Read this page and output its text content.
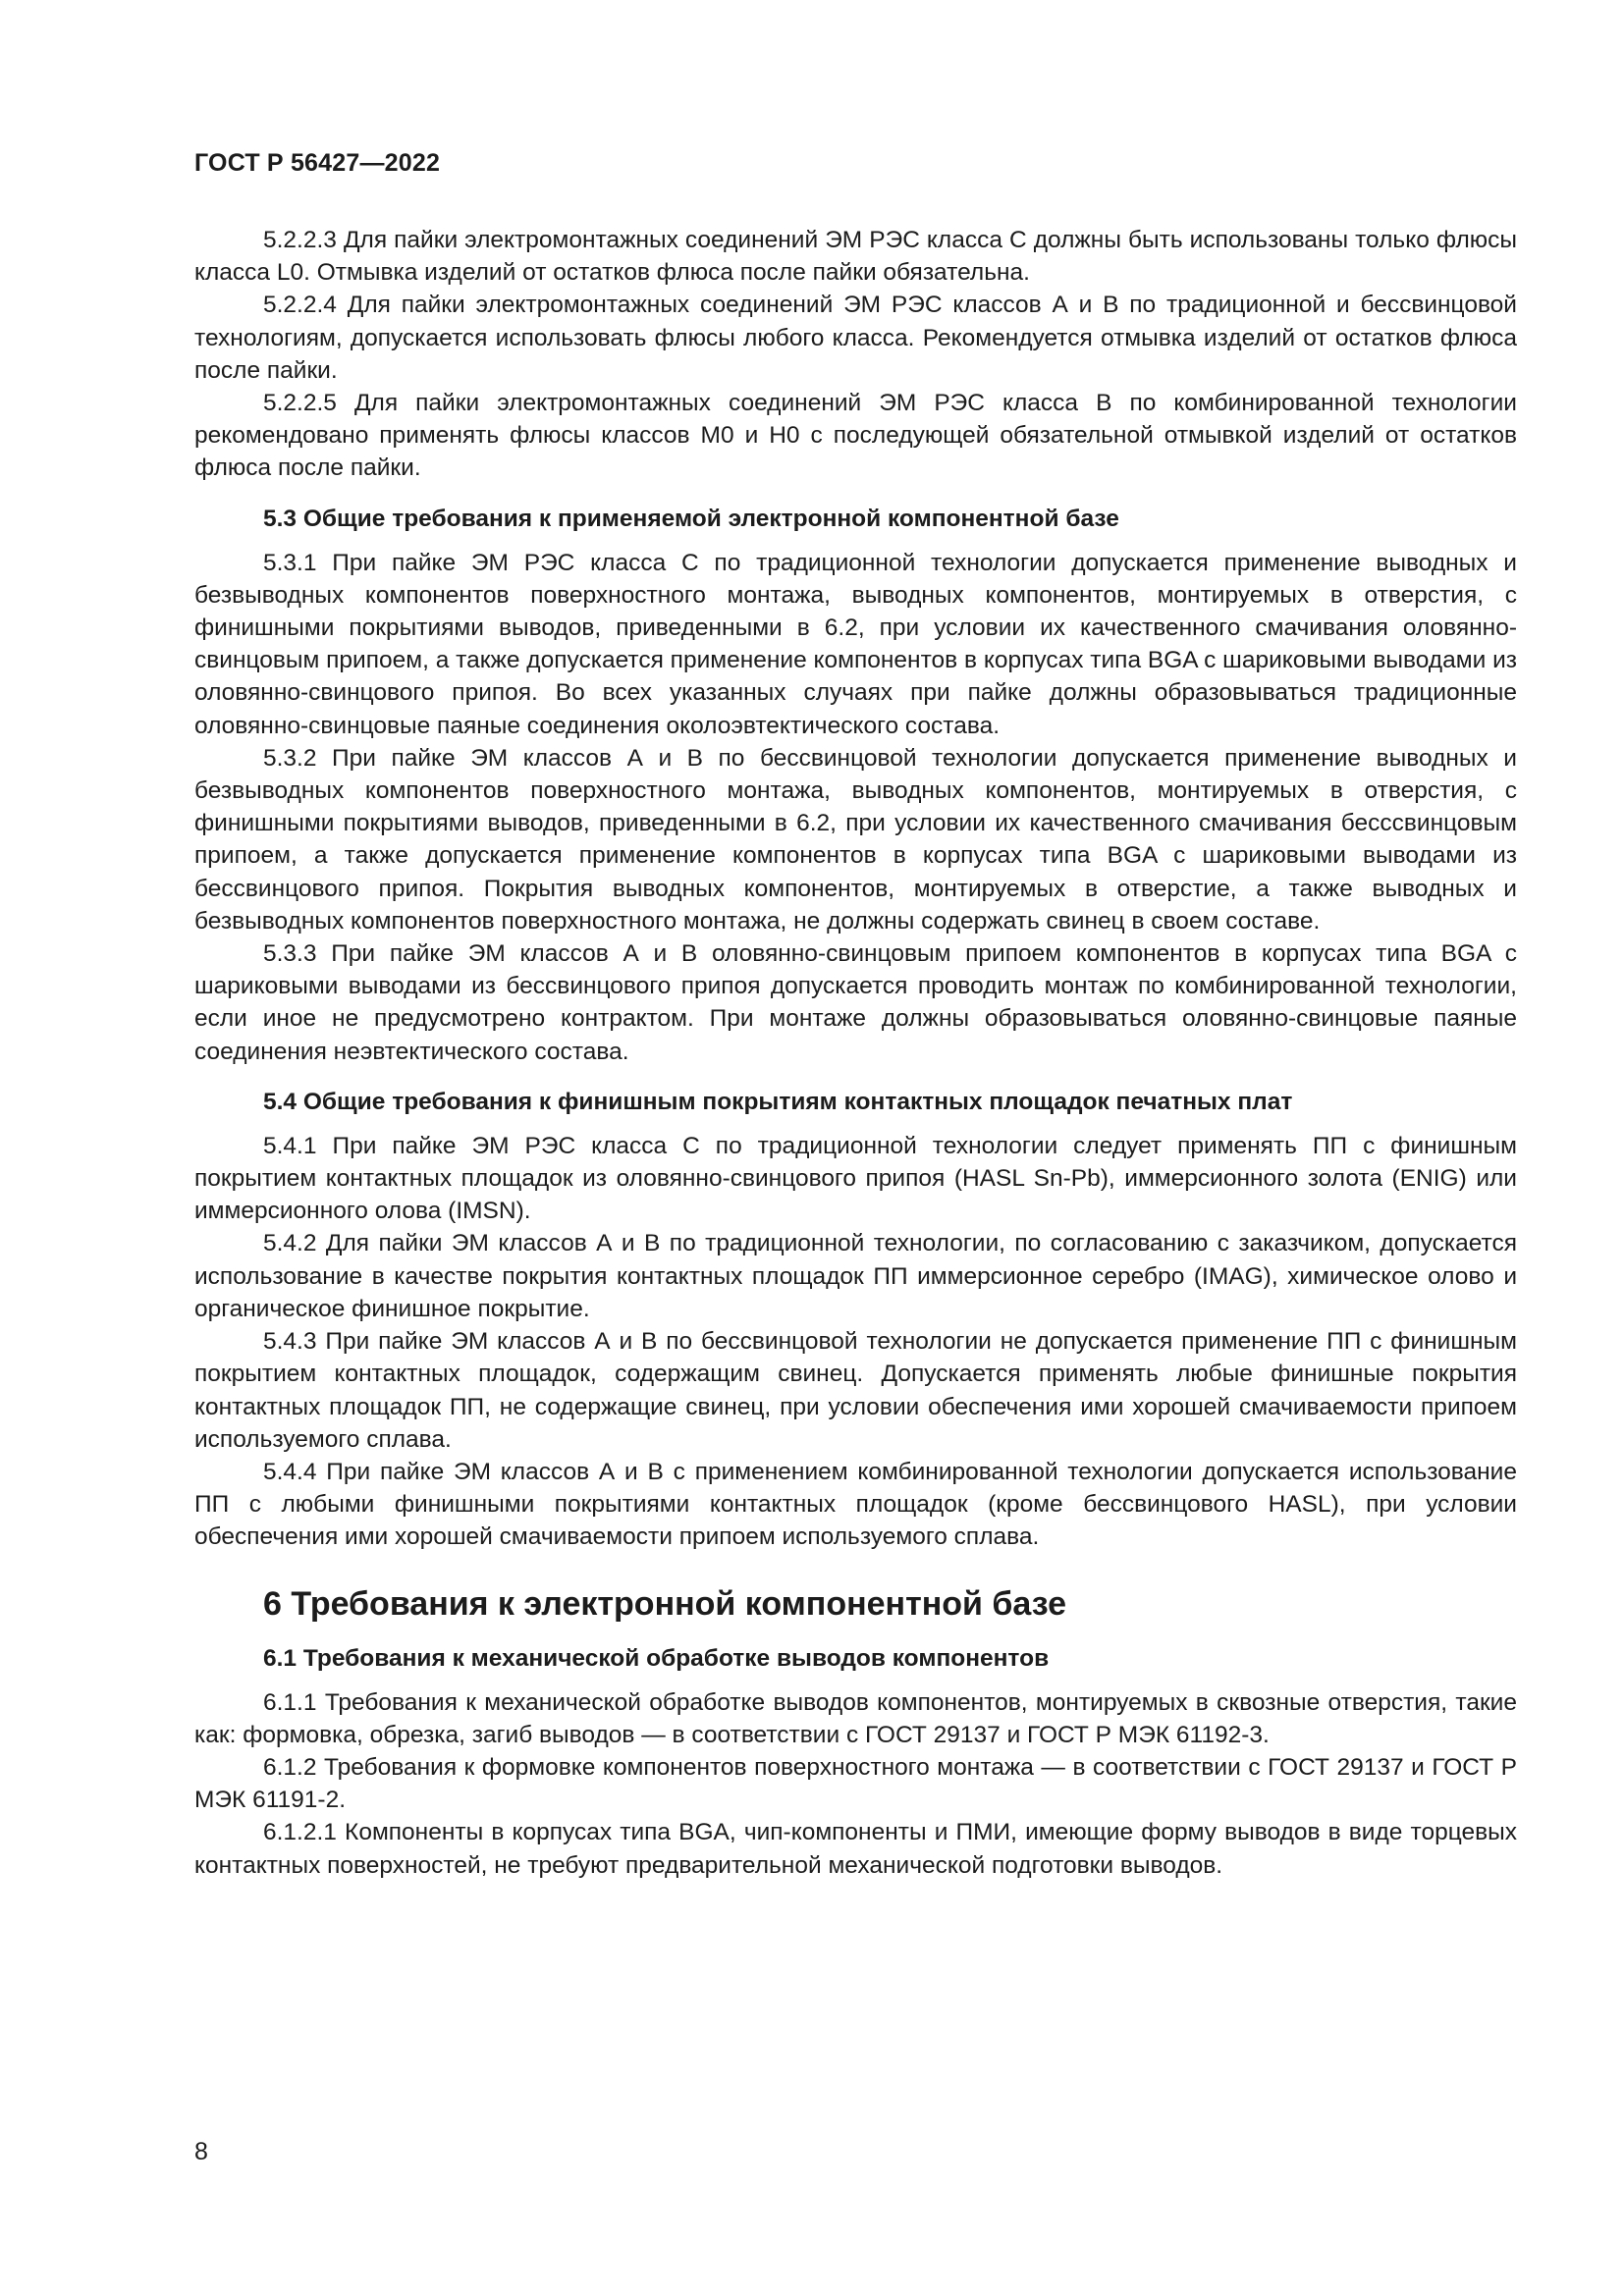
ГОСТ Р 56427—2022

5.2.2.3 Для пайки электромонтажных соединений ЭМ РЭС класса С должны быть использованы только флюсы класса L0. Отмывка изделий от остатков флюса после пайки обязательна.

5.2.2.4 Для пайки электромонтажных соединений ЭМ РЭС классов А и В по традиционной и бессвинцовой технологиям, допускается использовать флюсы любого класса. Рекомендуется отмывка изделий от остатков флюса после пайки.

5.2.2.5 Для пайки электромонтажных соединений ЭМ РЭС класса В по комбинированной технологии рекомендовано применять флюсы классов М0 и Н0 с последующей обязательной отмывкой изделий от остатков флюса после пайки.

5.3 Общие требования к применяемой электронной компонентной базе

5.3.1 При пайке ЭМ РЭС класса С по традиционной технологии допускается применение выводных и безвыводных компонентов поверхностного монтажа, выводных компонентов, монтируемых в отверстия, с финишными покрытиями выводов, приведенными в 6.2, при условии их качественного смачивания оловянно-свинцовым припоем, а также допускается применение компонентов в корпусах типа BGA с шариковыми выводами из оловянно-свинцового припоя. Во всех указанных случаях при пайке должны образовываться традиционные оловянно-свинцовые паяные соединения околоэвтектического состава.

5.3.2 При пайке ЭМ классов А и В по бессвинцовой технологии допускается применение выводных и безвыводных компонентов поверхностного монтажа, выводных компонентов, монтируемых в отверстия, с финишными покрытиями выводов, приведенными в 6.2, при условии их качественного смачивания бессcвинцовым припоем, а также допускается применение компонентов в корпусах типа BGA с шариковыми выводами из бессвинцового припоя. Покрытия выводных компонентов, монтируемых в отверстие, а также выводных и безвыводных компонентов поверхностного монтажа, не должны содержать свинец в своем составе.

5.3.3 При пайке ЭМ классов А и В оловянно-свинцовым припоем компонентов в корпусах типа BGA с шариковыми выводами из бессвинцового припоя допускается проводить монтаж по комбинированной технологии, если иное не предусмотрено контрактом. При монтаже должны образовываться оловянно-свинцовые паяные соединения неэвтектического состава.

5.4 Общие требования к финишным покрытиям контактных площадок печатных плат

5.4.1 При пайке ЭМ РЭС класса С по традиционной технологии следует применять ПП с финишным покрытием контактных площадок из оловянно-свинцового припоя (HASL Sn-Pb), иммерсионного золота (ENIG) или иммерсионного олова (IMSN).

5.4.2 Для пайки ЭМ классов А и В по традиционной технологии, по согласованию с заказчиком, допускается использование в качестве покрытия контактных площадок ПП иммерсионное серебро (IMAG), химическое олово и органическое финишное покрытие.

5.4.3 При пайке ЭМ классов А и В по бессвинцовой технологии не допускается применение ПП с финишным покрытием контактных площадок, содержащим свинец. Допускается применять любые финишные покрытия контактных площадок ПП, не содержащие свинец, при условии обеспечения ими хорошей смачиваемости припоем используемого сплава.

5.4.4 При пайке ЭМ классов А и В с применением комбинированной технологии допускается использование ПП с любыми финишными покрытиями контактных площадок (кроме бессвинцового HASL), при условии обеспечения ими хорошей смачиваемости припоем используемого сплава.

6 Требования к электронной компонентной базе
6.1 Требования к механической обработке выводов компонентов

6.1.1 Требования к механической обработке выводов компонентов, монтируемых в сквозные отверстия, такие как: формовка, обрезка, загиб выводов — в соответствии с ГОСТ 29137 и ГОСТ Р МЭК 61192-3.

6.1.2 Требования к формовке компонентов поверхностного монтажа — в соответствии с ГОСТ 29137 и ГОСТ Р МЭК 61191-2.

6.1.2.1 Компоненты в корпусах типа BGA, чип-компоненты и ПМИ, имеющие форму выводов в виде торцевых контактных поверхностей, не требуют предварительной механической подготовки выводов.

8
